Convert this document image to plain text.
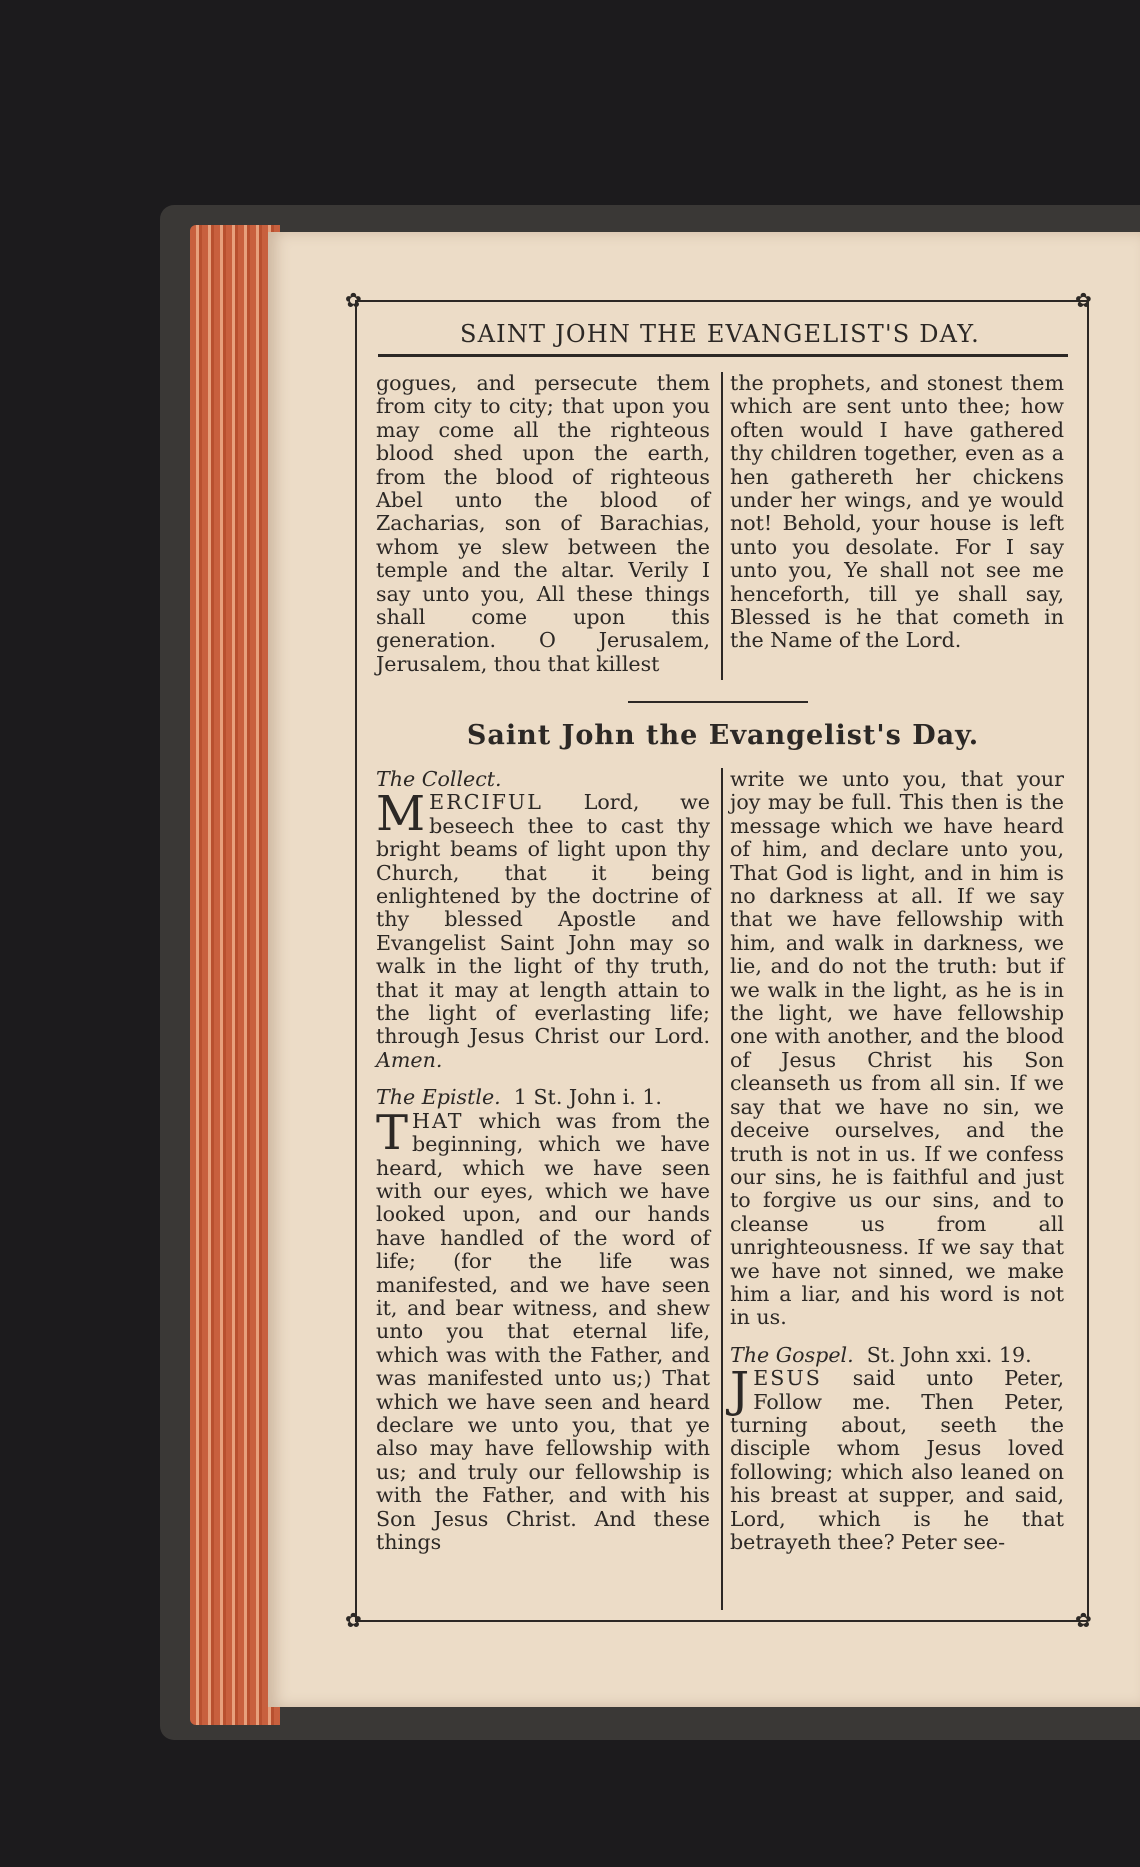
✿	✿
✿	✿
SAINT JOHN THE EVANGELIST'S DAY.

gogues, and persecute them from city to city; that upon you may come all the righteous blood shed upon the earth, from the blood of righteous Abel unto the blood of Zacharias, son of Barachias, whom ye slew between the temple and the altar. Verily I say unto you, All these things shall come upon this generation. O Jerusalem, Jerusalem, thou that killest

the prophets, and stonest them which are sent unto thee; how often would I have gathered thy children together, even as a hen gathereth her chickens under her wings, and ye would not! Behold, your house is left unto you desolate. For I say unto you, Ye shall not see me henceforth, till ye shall say, Blessed is he that cometh in the Name of the Lord.

Saint John the Evangelist's Day.

The Collect.

MERCIFUL Lord, we beseech thee to cast thy bright beams of light upon thy Church, that it being enlightened by the doctrine of thy blessed Apostle and Evangelist Saint John may so walk in the light of thy truth, that it may at length attain to the light of everlasting life; through Jesus Christ our Lord. Amen.

The Epistle. 1 St. John i. 1.

THAT which was from the beginning, which we have heard, which we have seen with our eyes, which we have looked upon, and our hands have handled of the word of life; (for the life was manifested, and we have seen it, and bear witness, and shew unto you that eternal life, which was with the Father, and was manifested unto us;) That which we have seen and heard declare we unto you, that ye also may have fellowship with us; and truly our fellowship is with the Father, and with his Son Jesus Christ. And these things

write we unto you, that your joy may be full. This then is the message which we have heard of him, and declare unto you, That God is light, and in him is no darkness at all. If we say that we have fellowship with him, and walk in darkness, we lie, and do not the truth: but if we walk in the light, as he is in the light, we have fellowship one with another, and the blood of Jesus Christ his Son cleanseth us from all sin. If we say that we have no sin, we deceive ourselves, and the truth is not in us. If we confess our sins, he is faithful and just to forgive us our sins, and to cleanse us from all unrighteousness. If we say that we have not sinned, we make him a liar, and his word is not in us.

The Gospel. St. John xxi. 19.

JESUS said unto Peter, Follow me. Then Peter, turning about, seeth the disciple whom Jesus loved following; which also leaned on his breast at supper, and said, Lord, which is he that betrayeth thee? Peter see-
